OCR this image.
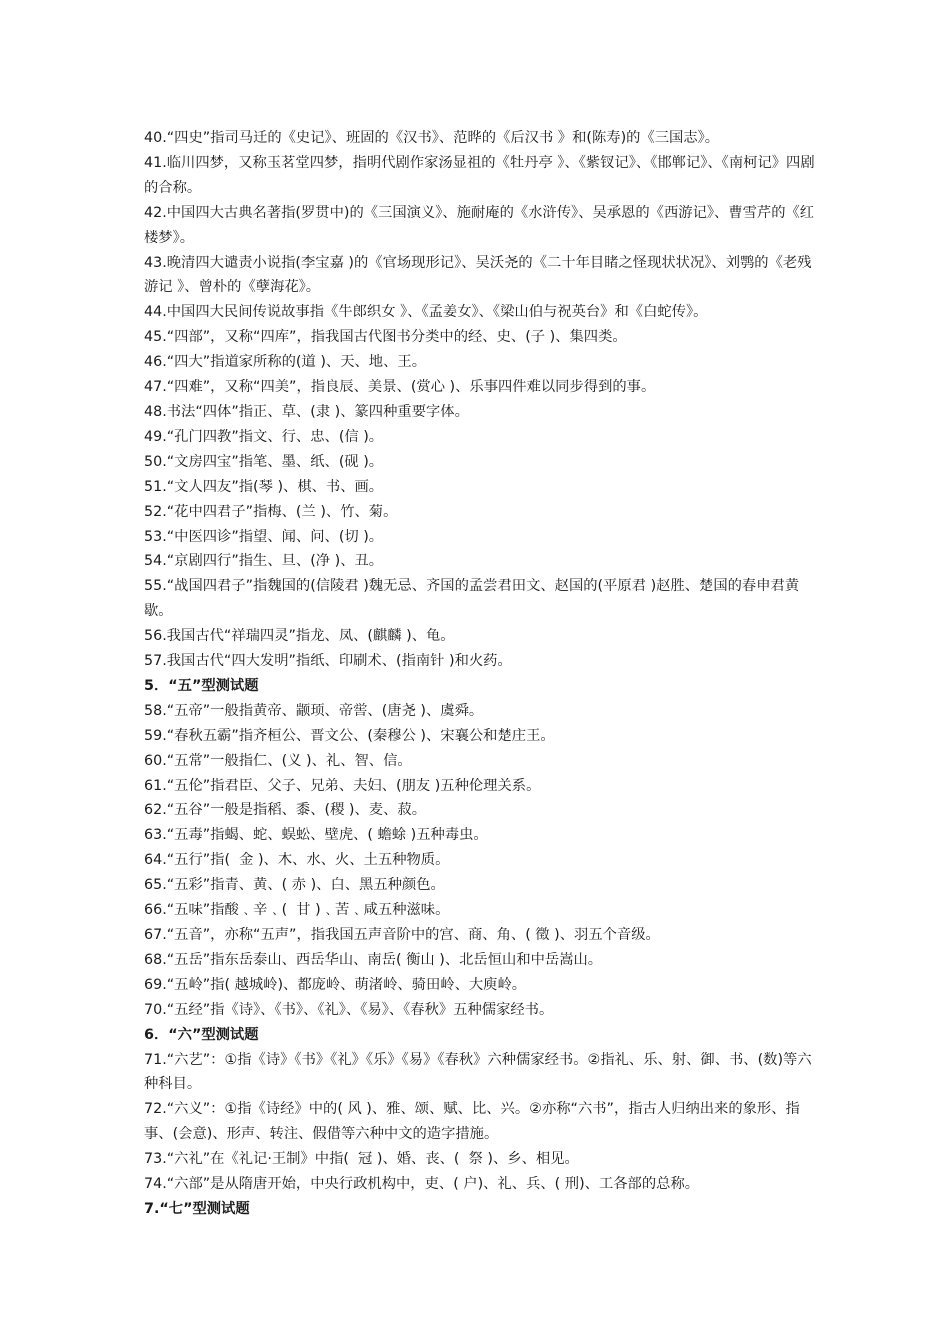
40.“四史”指司马迁的《史记》、班固的《汉书》、范晔的《后汉书 》和(陈寿)的《三国志》。
41.临川四梦，又称玉茗堂四梦，指明代剧作家汤显祖的《牡丹亭 》、《紫钗记》、《邯郸记》、《南柯记》四剧的合称。
42.中国四大古典名著指(罗贯中)的《三国演义》、施耐庵的《水浒传》、吴承恩的《西游记》、曹雪芹的《红楼梦》。
43.晚清四大谴责小说指(李宝嘉 )的《官场现形记》、吴沃尧的《二十年目睹之怪现状状况》、刘鹗的《老残游记 》、曾朴的《孽海花》。
44.中国四大民间传说故事指《牛郎织女 》、《孟姜女》、《梁山伯与祝英台》和《白蛇传》。
45.“四部”，又称“四库”，指我国古代图书分类中的经、史、(子 )、集四类。
46.“四大”指道家所称的(道 )、天、地、王。
47.“四难”，又称“四美”，指良辰、美景、(赏心 )、乐事四件难以同步得到的事。
48.书法“四体”指正、草、(隶 )、篆四种重要字体。
49.“孔门四教”指文、行、忠、(信 )。
50.“文房四宝”指笔、墨、纸、(砚 )。
51.“文人四友”指(琴 )、棋、书、画。
52.“花中四君子”指梅、(兰 )、竹、菊。
53.“中医四诊”指望、闻、问、(切 )。
54.“京剧四行”指生、旦、(净 )、丑。
55.“战国四君子”指魏国的(信陵君 )魏无忌、齐国的孟尝君田文、赵国的(平原君 )赵胜、楚国的春申君黄歇。
56.我国古代“祥瑞四灵”指龙、凤、(麒麟 )、龟。
57.我国古代“四大发明”指纸、印刷术、(指南针 )和火药。
5．“五”型测试题
58.“五帝”一般指黄帝、颛顼、帝喾、(唐尧 )、虞舜。
59.“春秋五霸”指齐桓公、晋文公、(秦穆公 )、宋襄公和楚庄王。
60.“五常”一般指仁、(义 )、礼、智、信。
61.“五伦”指君臣、父子、兄弟、夫妇、(朋友 )五种伦理关系。
62.“五谷”一般是指稻、黍、(稷 )、麦、菽。
63.“五毒”指蝎、蛇、蜈蚣、壁虎、( 蟾蜍 )五种毒虫。
64.“五行”指(  金 )、木、水、火、土五种物质。
65.“五彩”指青、黄、( 赤 )、白、黑五种颜色。
66.“五味”指酸﹑辛﹑(  甘 )﹑苦﹑咸五种滋味。
67.“五音”，亦称“五声”，指我国五声音阶中的宫、商、角、( 徵 )、羽五个音级。
68.“五岳”指东岳泰山、西岳华山、南岳( 衡山 )、北岳恒山和中岳嵩山。
69.“五岭”指( 越城岭)、都庞岭、萌渚岭、骑田岭、大庾岭。
70.“五经”指《诗》、《书》、《礼》、《易》、《春秋》五种儒家经书。
6．“六”型测试题
71.“六艺”：①指《诗》《书》《礼》《乐》《易》《春秋》六种儒家经书。②指礼、乐、射、御、书、(数)等六种科目。
72.“六义”：①指《诗经》中的( 风 )、雅、颂、赋、比、兴。②亦称“六书”，指古人归纳出来的象形、指事、(会意)、形声、转注、假借等六种中文的造字措施。
73.“六礼”在《礼记·王制》中指(  冠 )、婚、丧、(  祭 )、乡、相见。
74.“六部”是从隋唐开始，中央行政机构中，吏、( 户)、礼、兵、( 刑)、工各部的总称。
7.“七”型测试题
